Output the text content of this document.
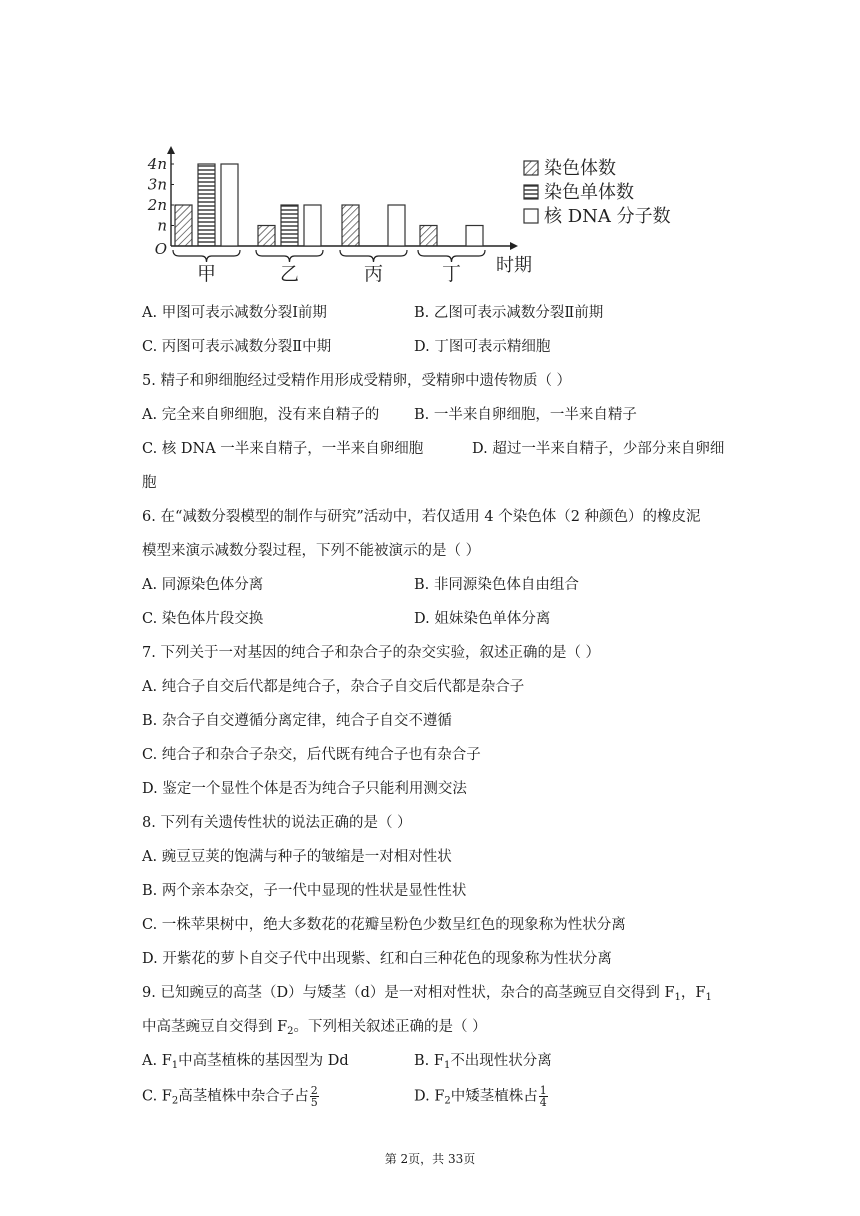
4n
3n
2n
n
O
甲	乙	丙	丁 时期
染色体数
染色单体数
核 DNA 分子数
A. 甲图可表示减数分裂Ⅰ前期	B. 乙图可表示减数分裂Ⅱ前期
C. 丙图可表示减数分裂Ⅱ中期	D. 丁图可表示精细胞
5. 精子和卵细胞经过受精作用形成受精卵，受精卵中遗传物质（ ）
A. 完全来自卵细胞，没有来自精子的 B. 一半来自卵细胞，一半来自精子
C. 核 DNA 一半来自精子，一半来自卵细胞	D. 超过一半来自精子，少部分来自卵细
胞
6. 在“减数分裂模型的制作与研究”活动中，若仅适用 4 个染色体（2 种颜色）的橡皮泥
模型来演示减数分裂过程，下列不能被演示的是（ ）
A. 同源染色体分离	B. 非同源染色体自由组合
C. 染色体片段交换	D. 姐妹染色单体分离
7. 下列关于一对基因的纯合子和杂合子的杂交实验，叙述正确的是（ ）
A. 纯合子自交后代都是纯合子，杂合子自交后代都是杂合子
B. 杂合子自交遵循分离定律，纯合子自交不遵循
C. 纯合子和杂合子杂交，后代既有纯合子也有杂合子
D. 鉴定一个显性个体是否为纯合子只能利用测交法
8. 下列有关遗传性状的说法正确的是（ ）
A. 豌豆豆荚的饱满与种子的皱缩是一对相对性状
B. 两个亲本杂交，子一代中显现的性状是显性性状
C. 一株苹果树中，绝大多数花的花瓣呈粉色少数呈红色的现象称为性状分离
D. 开紫花的萝卜自交子代中出现紫、红和白三种花色的现象称为性状分离
9. 已知豌豆的高茎（D）与矮茎（d）是一对相对性状，杂合的高茎豌豆自交得到 $F_1$，$F_1$
中高茎豌豆自交得到 $F_2$。下列相关叙述正确的是（ ）
A. $F_1$中高茎植株的基因型为 Dd	B. $F_1$不出现性状分离
C. $F_2$高茎植株中杂合子占 $\frac{2}{5}$	D. $F_2$中矮茎植株占 $\frac{1}{4}$
第 2页，共 33页
